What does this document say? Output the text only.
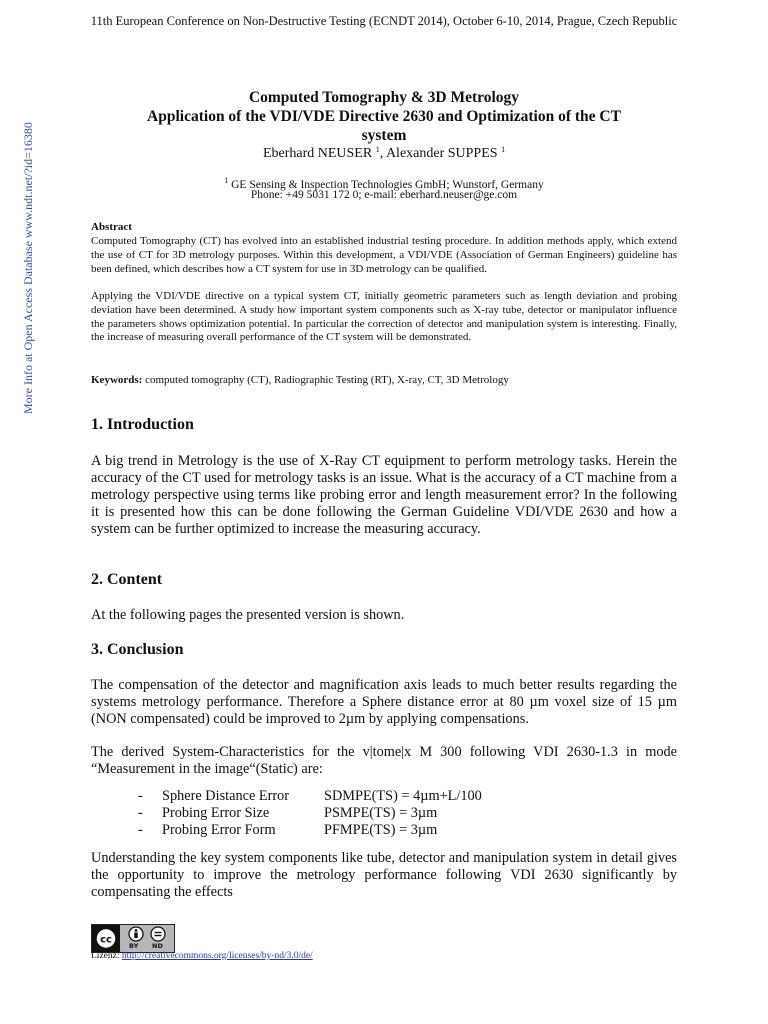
11th European Conference on Non-Destructive Testing (ECNDT 2014), October 6-10, 2014, Prague, Czech Republic
More Info at Open Access Database www.ndt.net/?id=16380
Computed Tomography & 3D Metrology
Application of the VDI/VDE Directive 2630 and Optimization of the CT
system
Eberhard NEUSER $^1$, Alexander SUPPES $^1$
$^1$ GE Sensing & Inspection Technologies GmbH; Wunstorf, Germany
Phone: +49 5031 172 0; e-mail: eberhard.neuser@ge.com
Abstract
Computed Tomography (CT) has evolved into an established industrial testing procedure. In addition methods apply, which extend the use of CT for 3D metrology purposes. Within this development, a VDI/VDE (Association of German Engineers) guideline has been defined, which describes how a CT system for use in 3D metrology can be qualified.
Applying the VDI/VDE directive on a typical system CT, initially geometric parameters such as length deviation and probing deviation have been determined. A study how important system components such as X-ray tube, detector or manipulator influence the parameters shows optimization potential. In particular the correction of detector and manipulation system is interesting. Finally, the increase of measuring overall performance of the CT system will be demonstrated.
Keywords: computed tomography (CT), Radiographic Testing (RT), X-ray, CT, 3D Metrology
1. Introduction
A big trend in Metrology is the use of X-Ray CT equipment to perform metrology tasks. Herein the accuracy of the CT used for metrology tasks is an issue. What is the accuracy of a CT machine from a metrology perspective using terms like probing error and length measurement error? In the following it is presented how this can be done following the German Guideline VDI/VDE 2630 and how a system can be further optimized to increase the measuring accuracy.
2. Content
At the following pages the presented version is shown.
3. Conclusion
The compensation of the detector and magnification axis leads to much better results regarding the systems metrology performance. Therefore a Sphere distance error at 80 µm voxel size of 15 µm (NON compensated) could be improved to 2µm by applying compensations.
The derived System-Characteristics for the v|tome|x M 300 following VDI 2630-1.3 in mode “Measurement in the image“(Static) are:
- Sphere Distance Error SDMPE(TS) = 4µm+L/100
- Probing Error Size	PSMPE(TS) = 3µm
- Probing Error Form	PFMPE(TS) = 3µm
Understanding the key system components like tube, detector and manipulation system in detail gives the opportunity to improve the metrology performance following VDI 2630 significantly by compensating the effects
cc
BY ND
Lizenz: http://creativecommons.org/licenses/by-nd/3.0/de/
